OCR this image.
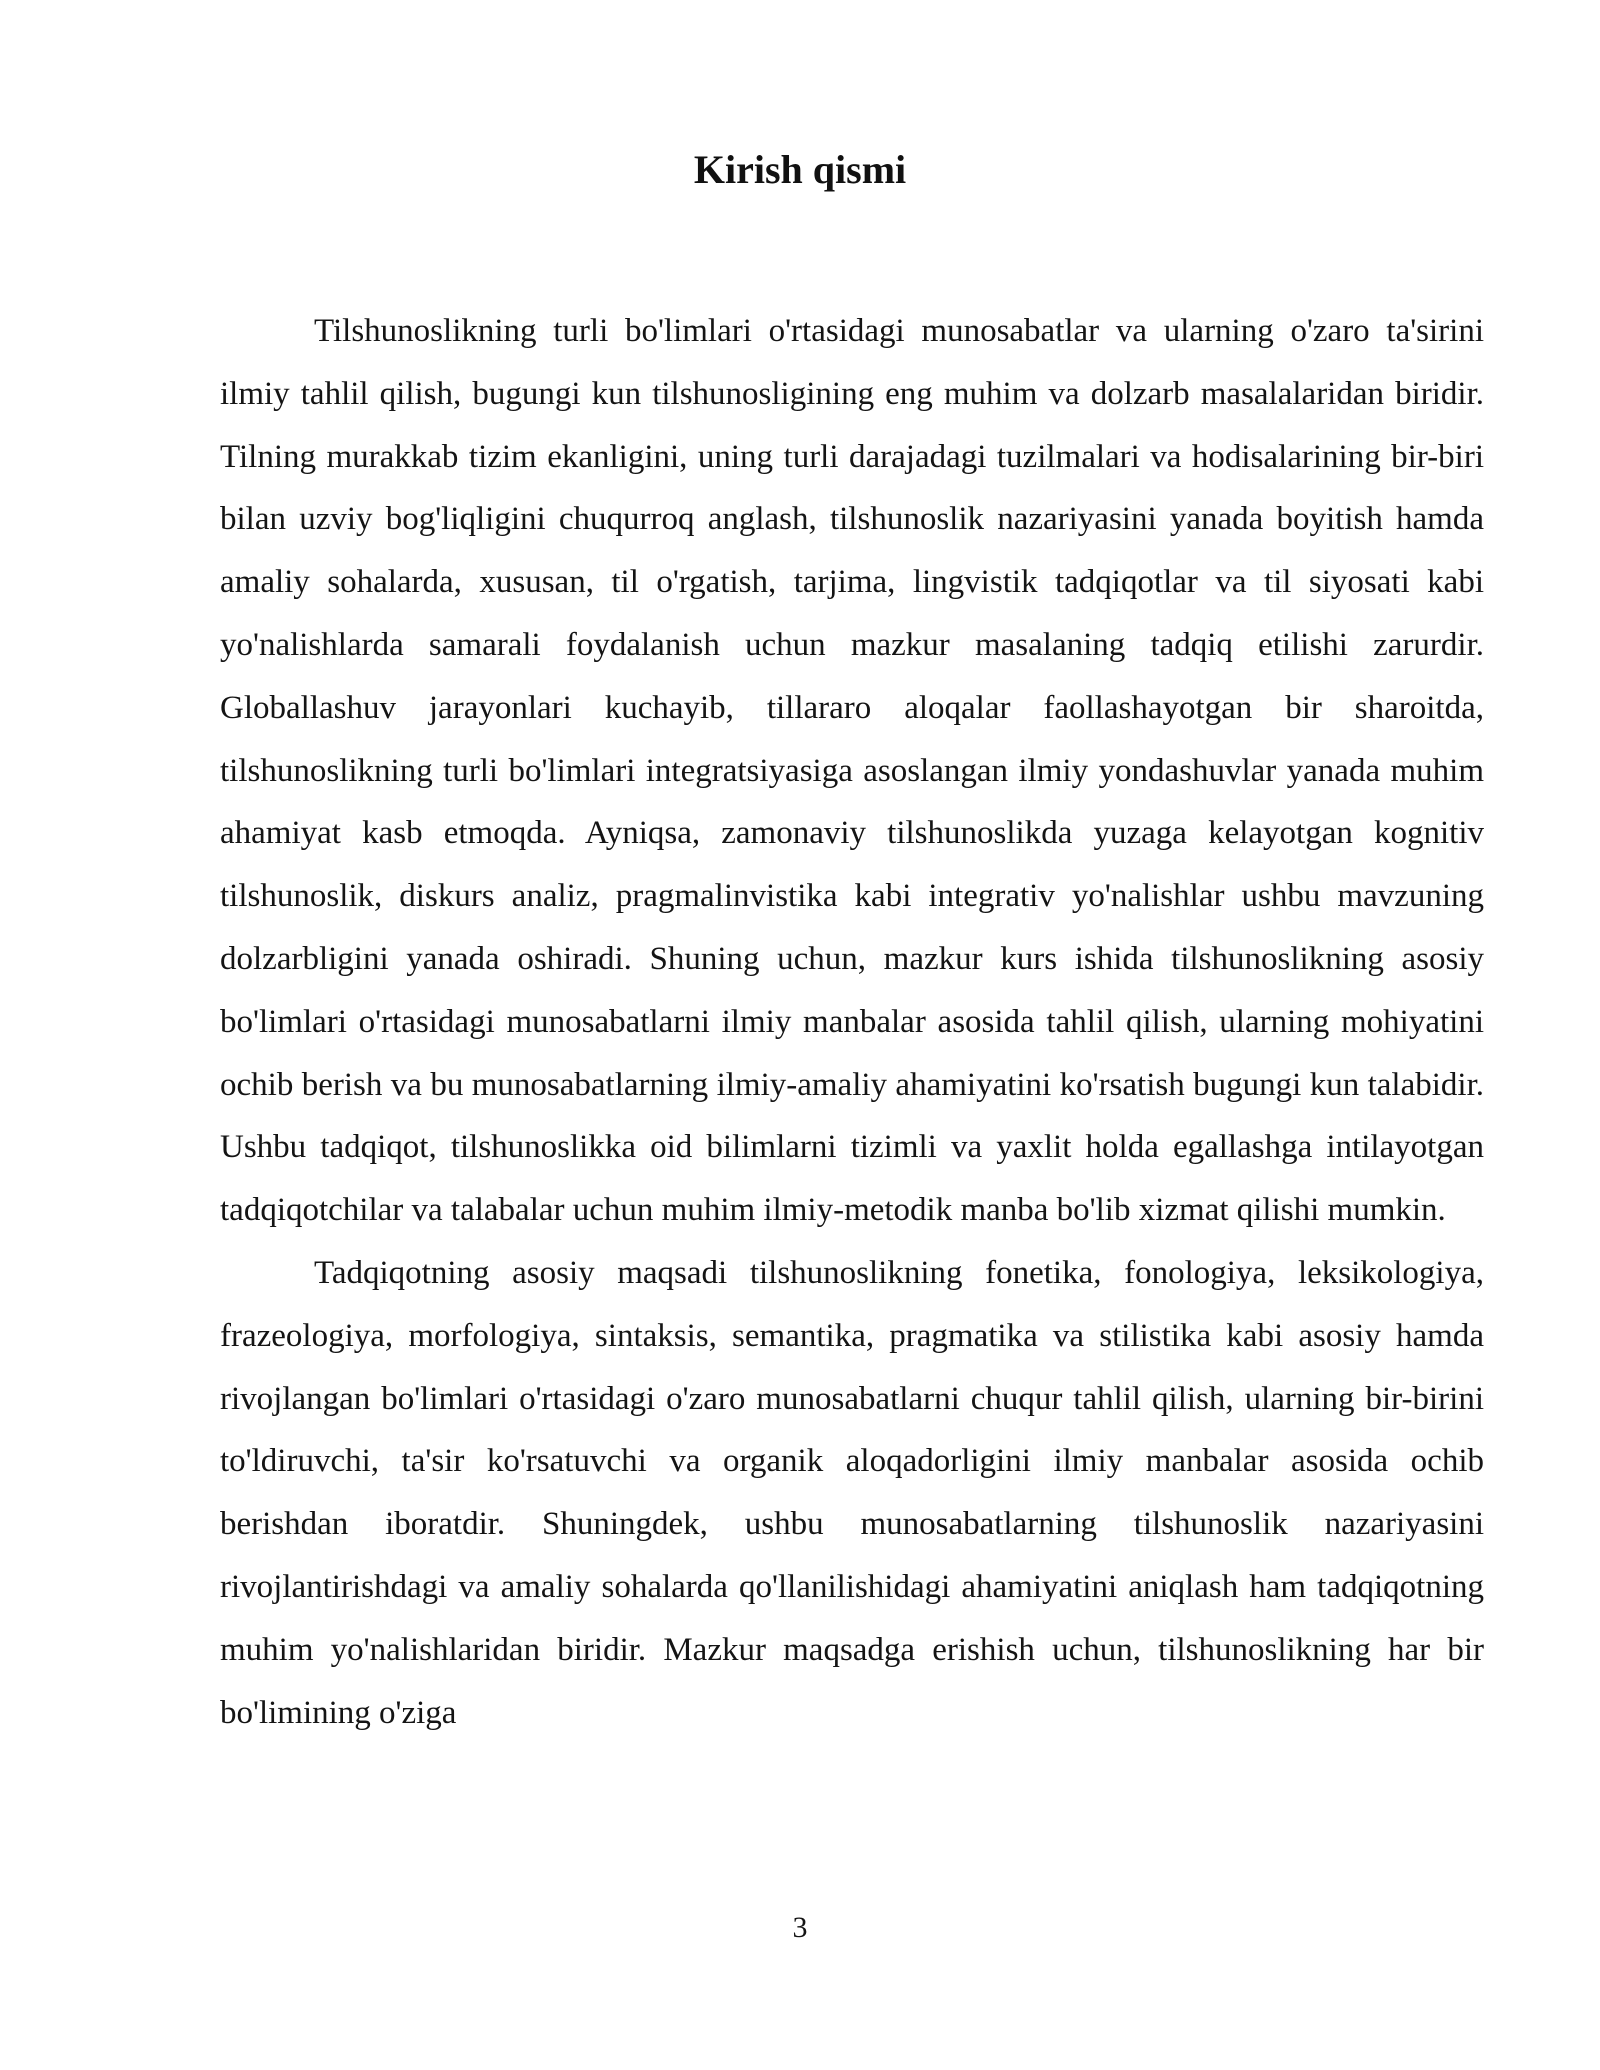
Kirish qismi

Tilshunoslikning turli bo'limlari o'rtasidagi munosabatlar va ularning o'zaro ta'sirini ilmiy tahlil qilish, bugungi kun tilshunosligining eng muhim va dolzarb masalalaridan biridir. Tilning murakkab tizim ekanligini, uning turli darajadagi tuzilmalari va hodisalarining bir-biri bilan uzviy bog'liqligini chuqurroq anglash, tilshunoslik nazariyasini yanada boyitish hamda amaliy sohalarda, xususan, til o'rgatish, tarjima, lingvistik tadqiqotlar va til siyosati kabi yo'nalishlarda samarali foydalanish uchun mazkur masalaning tadqiq etilishi zarurdir. Globallashuv jarayonlari kuchayib, tillararo aloqalar faollashayotgan bir sharoitda, tilshunoslikning turli bo'limlari integratsiyasiga asoslangan ilmiy yondashuvlar yanada muhim ahamiyat kasb etmoqda. Ayniqsa, zamonaviy tilshunoslikda yuzaga kelayotgan kognitiv tilshunoslik, diskurs analiz, pragmalinvistika kabi integrativ yo'nalishlar ushbu mavzuning dolzarbligini yanada oshiradi. Shuning uchun, mazkur kurs ishida tilshunoslikning asosiy bo'limlari o'rtasidagi munosabatlarni ilmiy manbalar asosida tahlil qilish, ularning mohiyatini ochib berish va bu munosabatlarning ilmiy-amaliy ahamiyatini ko'rsatish bugungi kun talabidir. Ushbu tadqiqot, tilshunoslikka oid bilimlarni tizimli va yaxlit holda egallashga intilayotgan tadqiqotchilar va talabalar uchun muhim ilmiy-metodik manba bo'lib xizmat qilishi mumkin.

Tadqiqotning asosiy maqsadi tilshunoslikning fonetika, fonologiya, leksikologiya, frazeologiya, morfologiya, sintaksis, semantika, pragmatika va stilistika kabi asosiy hamda rivojlangan bo'limlari o'rtasidagi o'zaro munosabatlarni chuqur tahlil qilish, ularning bir-birini to'ldiruvchi, ta'sir ko'rsatuvchi va organik aloqadorligini ilmiy manbalar asosida ochib berishdan iboratdir. Shuningdek, ushbu munosabatlarning tilshunoslik nazariyasini rivojlantirishdagi va amaliy sohalarda qo'llanilishidagi ahamiyatini aniqlash ham tadqiqotning muhim yo'nalishlaridan biridir. Mazkur maqsadga erishish uchun, tilshunoslikning har bir bo'limining o'ziga

3
